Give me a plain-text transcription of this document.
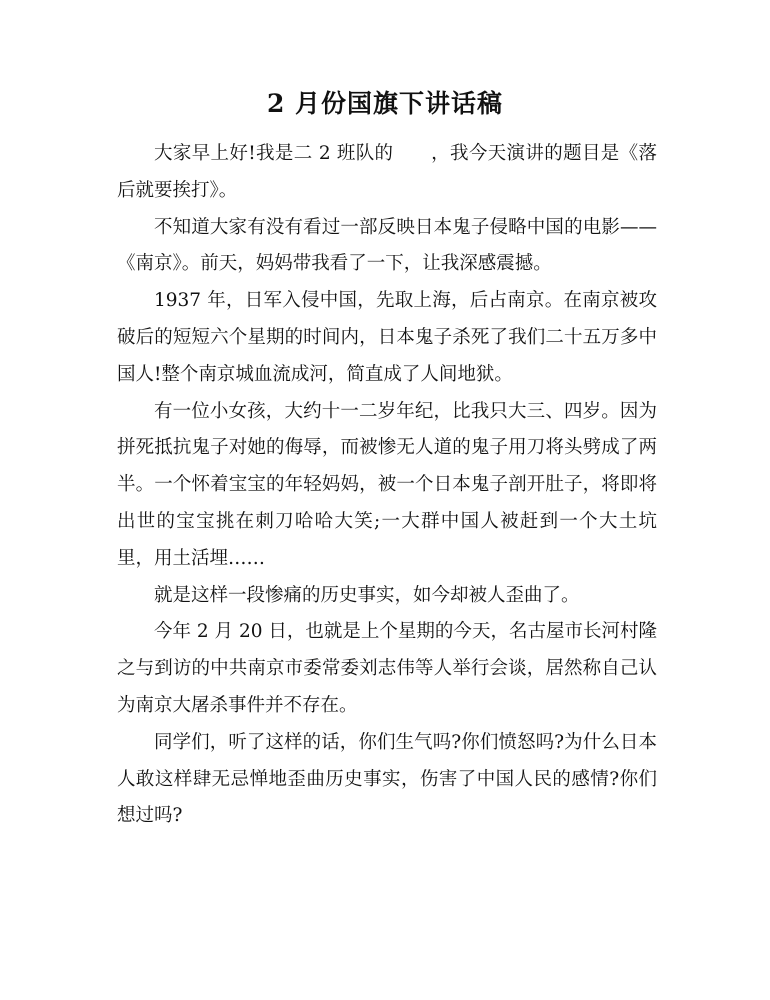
2 月份国旗下讲话稿

大家早上好!我是二 2 班队的　　，我今天演讲的题目是《落后就要挨打》。

不知道大家有没有看过一部反映日本鬼子侵略中国的电影——《南京》。前天，妈妈带我看了一下，让我深感震撼。

1937 年，日军入侵中国，先取上海，后占南京。在南京被攻破后的短短六个星期的时间内，日本鬼子杀死了我们二十五万多中国人!整个南京城血流成河，简直成了人间地狱。

有一位小女孩，大约十一二岁年纪，比我只大三、四岁。因为拼死抵抗鬼子对她的侮辱，而被惨无人道的鬼子用刀将头劈成了两半。一个怀着宝宝的年轻妈妈，被一个日本鬼子剖开肚子，将即将出世的宝宝挑在刺刀哈哈大笑;一大群中国人被赶到一个大土坑里，用土活埋……

就是这样一段惨痛的历史事实，如今却被人歪曲了。

今年 2 月 20 日，也就是上个星期的今天，名古屋市长河村隆之与到访的中共南京市委常委刘志伟等人举行会谈，居然称自己认为南京大屠杀事件并不存在。

同学们，听了这样的话，你们生气吗?你们愤怒吗?为什么日本人敢这样肆无忌惮地歪曲历史事实，伤害了中国人民的感情?你们想过吗?
